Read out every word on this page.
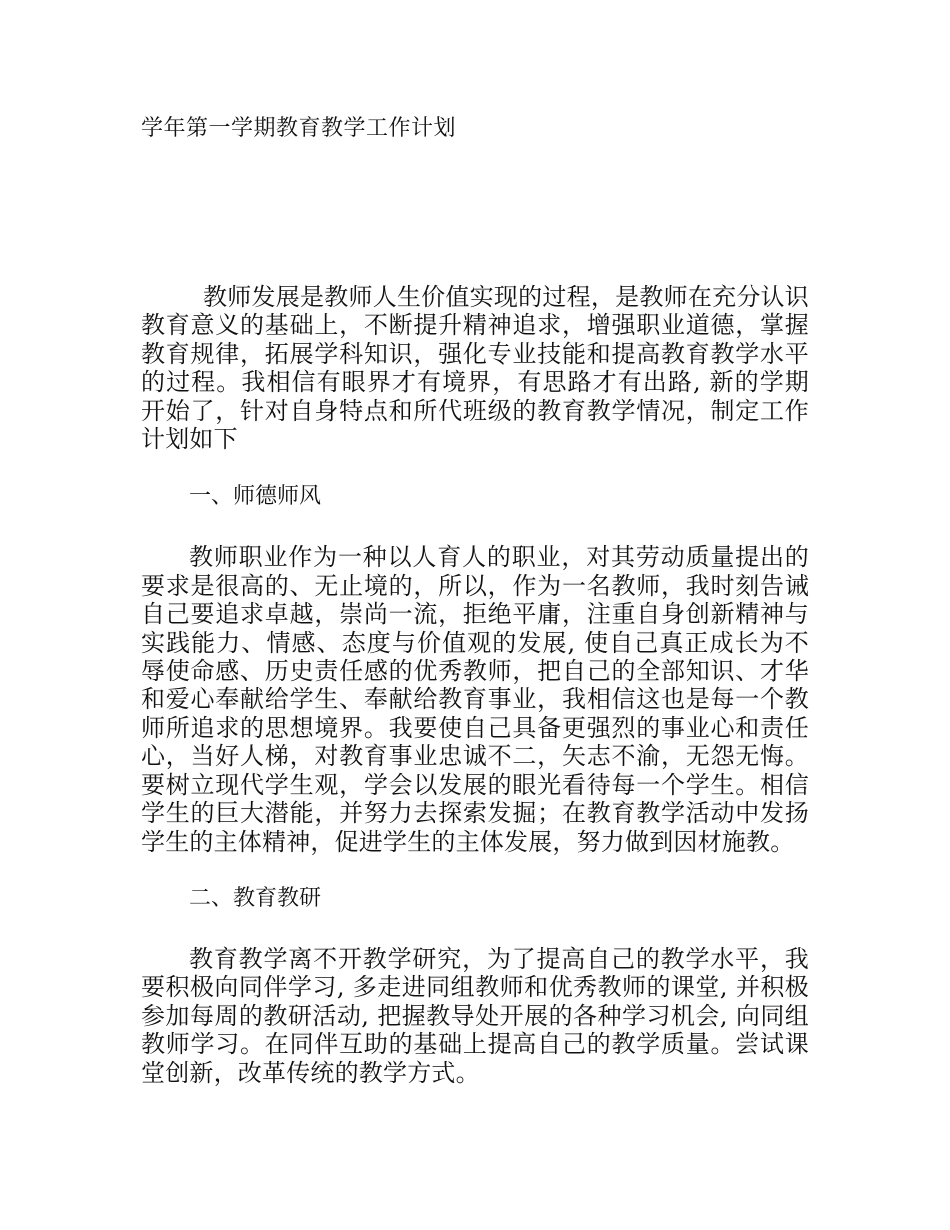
学年第一学期教育教学工作计划

教师发展是教师人生价值实现的过程，是教师在充分认识教育意义的基础上，不断提升精神追求，增强职业道德，掌握教育规律，拓展学科知识，强化专业技能和提高教育教学水平的过程。我相信有眼界才有境界，有思路才有出路, 新的学期开始了，针对自身特点和所代班级的教育教学情况，制定工作计划如下

一、师德师风

教师职业作为一种以人育人的职业，对其劳动质量提出的要求是很高的、无止境的，所以，作为一名教师，我时刻告诫自己要追求卓越，崇尚一流，拒绝平庸，注重自身创新精神与实践能力、情感、态度与价值观的发展, 使自己真正成长为不辱使命感、历史责任感的优秀教师，把自己的全部知识、才华和爱心奉献给学生、奉献给教育事业，我相信这也是每一个教师所追求的思想境界。我要使自己具备更强烈的事业心和责任心，当好人梯，对教育事业忠诚不二，矢志不渝，无怨无悔。要树立现代学生观，学会以发展的眼光看待每一个学生。相信学生的巨大潜能，并努力去探索发掘；在教育教学活动中发扬学生的主体精神，促进学生的主体发展，努力做到因材施教。

二、教育教研

教育教学离不开教学研究，为了提高自己的教学水平，我要积极向同伴学习, 多走进同组教师和优秀教师的课堂, 并积极参加每周的教研活动, 把握教导处开展的各种学习机会, 向同组教师学习。在同伴互助的基础上提高自己的教学质量。尝试课堂创新，改革传统的教学方式。
